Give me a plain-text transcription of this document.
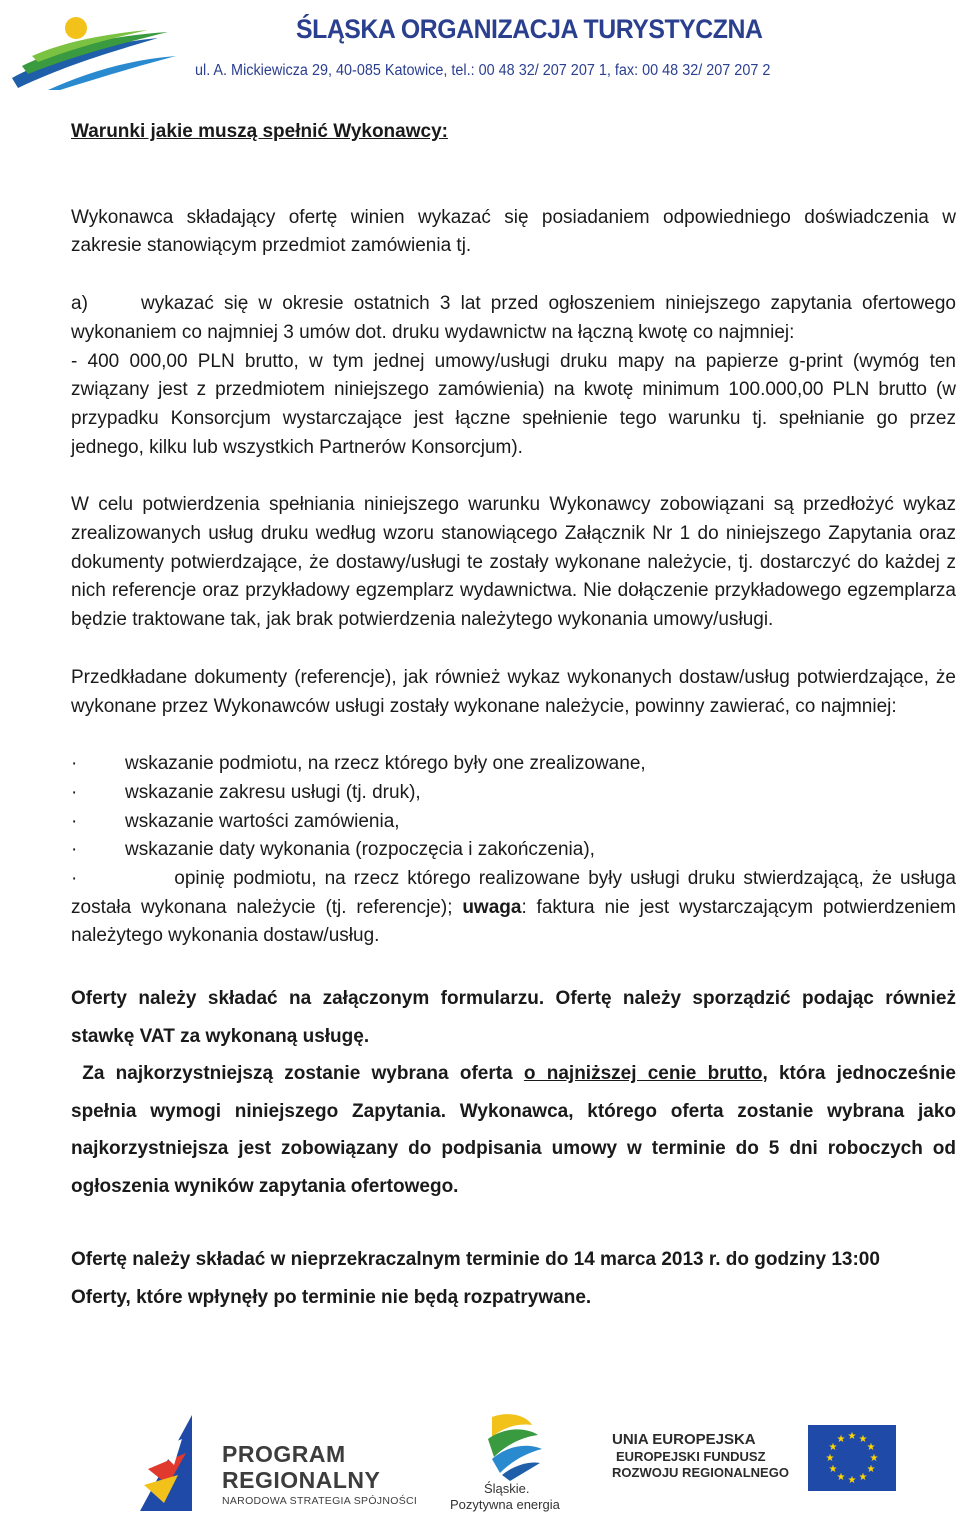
ŚLĄSKA ORGANIZACJA TURYSTYCZNA
ul. A. Mickiewicza 29, 40-085 Katowice, tel.: 00 48 32/ 207 207 1, fax: 00 48 32/ 207 207 2

Warunki jakie muszą spełnić Wykonawcy:

Wykonawca składający ofertę winien wykazać się posiadaniem odpowiedniego doświadczenia w zakresie stanowiącym przedmiot zamówienia tj.

a)	wykazać się w okresie ostatnich 3 lat przed ogłoszeniem niniejszego zapytania ofertowego wykonaniem co najmniej 3 umów dot. druku wydawnictw na łączną kwotę co najmniej:

- 400 000,00 PLN brutto, w tym jednej umowy/usługi druku mapy na papierze g-print (wymóg ten związany jest z przedmiotem niniejszego zamówienia) na kwotę minimum 100.000,00 PLN brutto (w przypadku Konsorcjum wystarczające jest łączne spełnienie tego warunku tj. spełnianie go przez jednego, kilku lub wszystkich Partnerów Konsorcjum).

W celu potwierdzenia spełniania niniejszego warunku Wykonawcy zobowiązani są przedłożyć wykaz zrealizowanych usług druku według wzoru stanowiącego Załącznik Nr 1 do niniejszego Zapytania oraz dokumenty potwierdzające, że dostawy/usługi te zostały wykonane należycie, tj. dostarczyć do każdej z nich referencje oraz przykładowy egzemplarz wydawnictwa. Nie dołączenie przykładowego egzemplarza będzie traktowane tak, jak brak potwierdzenia należytego wykonania umowy/usługi.

Przedkładane dokumenty (referencje), jak również wykaz wykonanych dostaw/usług potwierdzające, że wykonane przez Wykonawców usługi zostały wykonane należycie, powinny zawierać, co najmniej:

·	wskazanie podmiotu, na rzecz którego były one zrealizowane,
·	wskazanie zakresu usługi (tj. druk),
·	wskazanie wartości zamówienia,
·	wskazanie daty wykonania (rozpoczęcia i zakończenia),
·	opinię podmiotu, na rzecz którego realizowane były usługi druku stwierdzającą, że usługa została wykonana należycie (tj. referencje); uwaga: faktura nie jest wystarczającym potwierdzeniem należytego wykonania dostaw/usług.

Oferty należy składać na załączonym formularzu. Ofertę należy sporządzić podając również stawkę VAT za wykonaną usługę.

Za najkorzystniejszą zostanie wybrana oferta o najniższej cenie brutto, która jednocześnie spełnia wymogi niniejszego Zapytania. Wykonawca, którego oferta zostanie wybrana jako najkorzystniejsza jest zobowiązany do podpisania umowy w terminie do 5 dni roboczych od ogłoszenia wyników zapytania ofertowego.

Ofertę należy składać w nieprzekraczalnym terminie do 14 marca 2013 r. do godziny 13:00

Oferty, które wpłynęły po terminie nie będą rozpatrywane.

PROGRAM
REGIONALNY
NARODOWA STRATEGIA SPÓJNOŚCI
Śląskie.
Pozytywna energia
UNIA EUROPEJSKA
EUROPEJSKI FUNDUSZ
ROZWOJU REGIONALNEGO
★ ★
★
★
★
★
★
★
★
★
★
★
